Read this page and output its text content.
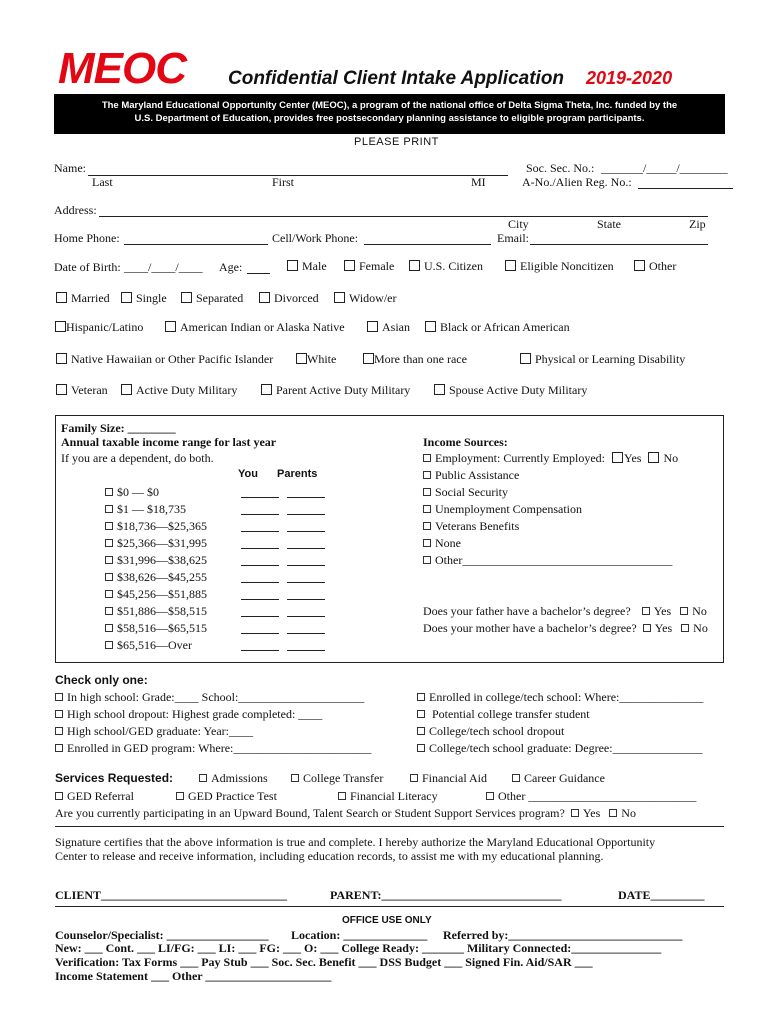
MEOC Confidential Client Intake Application 2019-2020
The Maryland Educational Opportunity Center (MEOC), a program of the national office of Delta Sigma Theta, Inc. funded by the
U.S. Department of Education, provides free postsecondary planning assistance to eligible program participants.
PLEASE PRINT
Name:
Last	First	MI
Soc. Sec. No.: _______/_____/________
A-No./Alien Reg. No.:
Address:
City	State	Zip
Home Phone:	Cell/Work Phone:	Email:
Date of Birth: ____/____/____ Age:	Male	Female	U.S. Citizen	Eligible Noncitizen	Other
Married	Single	Separated	Divorced	Widow/er
Hispanic/Latino	American Indian or Alaska Native	Asian	Black or African American
Native Hawaiian or Other Pacific Islander	White	More than one race	Physical or Learning Disability
Veteran	Active Duty Military	Parent Active Duty Military	Spouse Active Duty Military
Family Size: ________
Annual taxable income range for last year
If you are a dependent, do both.
You Parents
$0 — $0
$1 — $18,735
$18,736—$25,365
$25,366—$31,995
$31,996—$38,625
$38,626—$45,255
$45,256—$51,885
$51,886—$58,515
$58,516—$65,515
$65,516—Over
Income Sources:
Employment: Currently Employed: Yes No
Public Assistance
Social Security
Unemployment Compensation
Veterans Benefits
None
Other___________________________________
Does your father have a bachelor’s degree? Yes No
Does your mother have a bachelor’s degree? Yes No
Check only one:
In high school: Grade:____ School:_____________________
High school dropout: Highest grade completed: ____
High school/GED graduate: Year:____
Enrolled in GED program: Where:_______________________
Enrolled in college/tech school: Where:______________
Potential college transfer student
College/tech school dropout
College/tech school graduate: Degree:_______________
Services Requested:	Admissions	College Transfer	Financial Aid	Career Guidance
GED Referral	GED Practice Test	Financial Literacy	Other ____________________________
Are you currently participating in an Upward Bound, Talent Search or Student Support Services program? Yes No
Signature certifies that the above information is true and complete. I hereby authorize the Maryland Educational Opportunity
Center to release and receive information, including education records, to assist me with my educational planning.
CLIENT_______________________________	PARENT:______________________________	DATE_________
OFFICE USE ONLY
Counselor/Specialist: _________________ Location: ______________ Referred by:_____________________________
New: ___ Cont. ___ LI/FG: ___ LI: ___ FG: ___ O: ___ College Ready: _______ Military Connected:_______________
Verification: Tax Forms ___ Pay Stub ___ Soc. Sec. Benefit ___ DSS Budget ___ Signed Fin. Aid/SAR ___
Income Statement ___ Other _____________________
